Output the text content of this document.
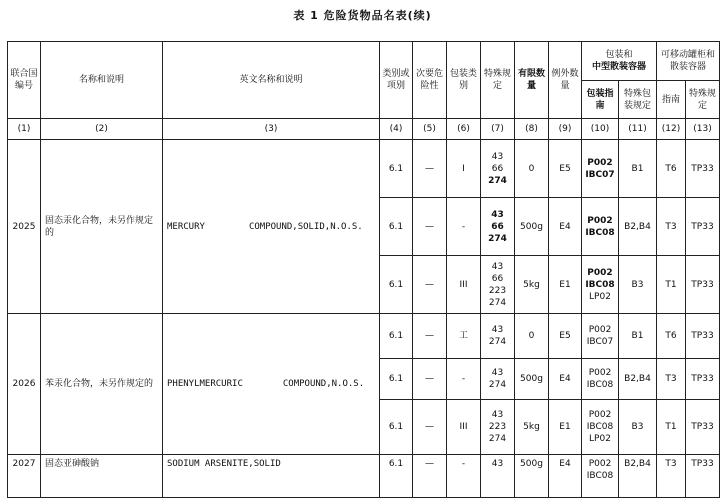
表 1 危险货物品名表(续)
联合国编号	名称和说明	英文名称和说明	类别或项别	次要危险性	包装类别	特殊规定	有限数量	例外数量	包装和
中型散装容器		可移动罐柜和
散装容器	

									包装指南	特殊包装规定	指南	特殊规定
(1)	(2)	(3)	(4)	(5)	(6)	(7)	(8)	(9)	(10)	(11)	(12)	(13)
2025	固态汞化合物，未另作规定的	MERCURY COMPOUND,SOLID,N.O.S.	6.1	—	I	43
66
274	0	E5	P002
IBC07	B1	T6	TP33
			6.1	—	-	43
66
274	500g	E4	P002
IBC08	B2,B4	T3	TP33
			6.1	—	III	43
66
223
274	5kg	E1	P002
IBC08
LP02	B3	T1	TP33
2026	苯汞化合物，未另作规定的	PHENYLMERCURIC COMPOUND,N.O.S.	6.1	—	工	43
274	0	E5	P002
IBC07	B1	T6	TP33
			6.1	—	-	43
274	500g	E4	P002
IBC08	B2,B4	T3	TP33
			6.1	—	III	43
223
274	5kg	E1	P002
IBC08
LP02	B3	T1	TP33
2027	固态亚砷酸钠	SODIUM ARSENITE,SOLID	6.1	—	-	43	500g	E4	P002
IBC08	B2,B4	T3	TP33
